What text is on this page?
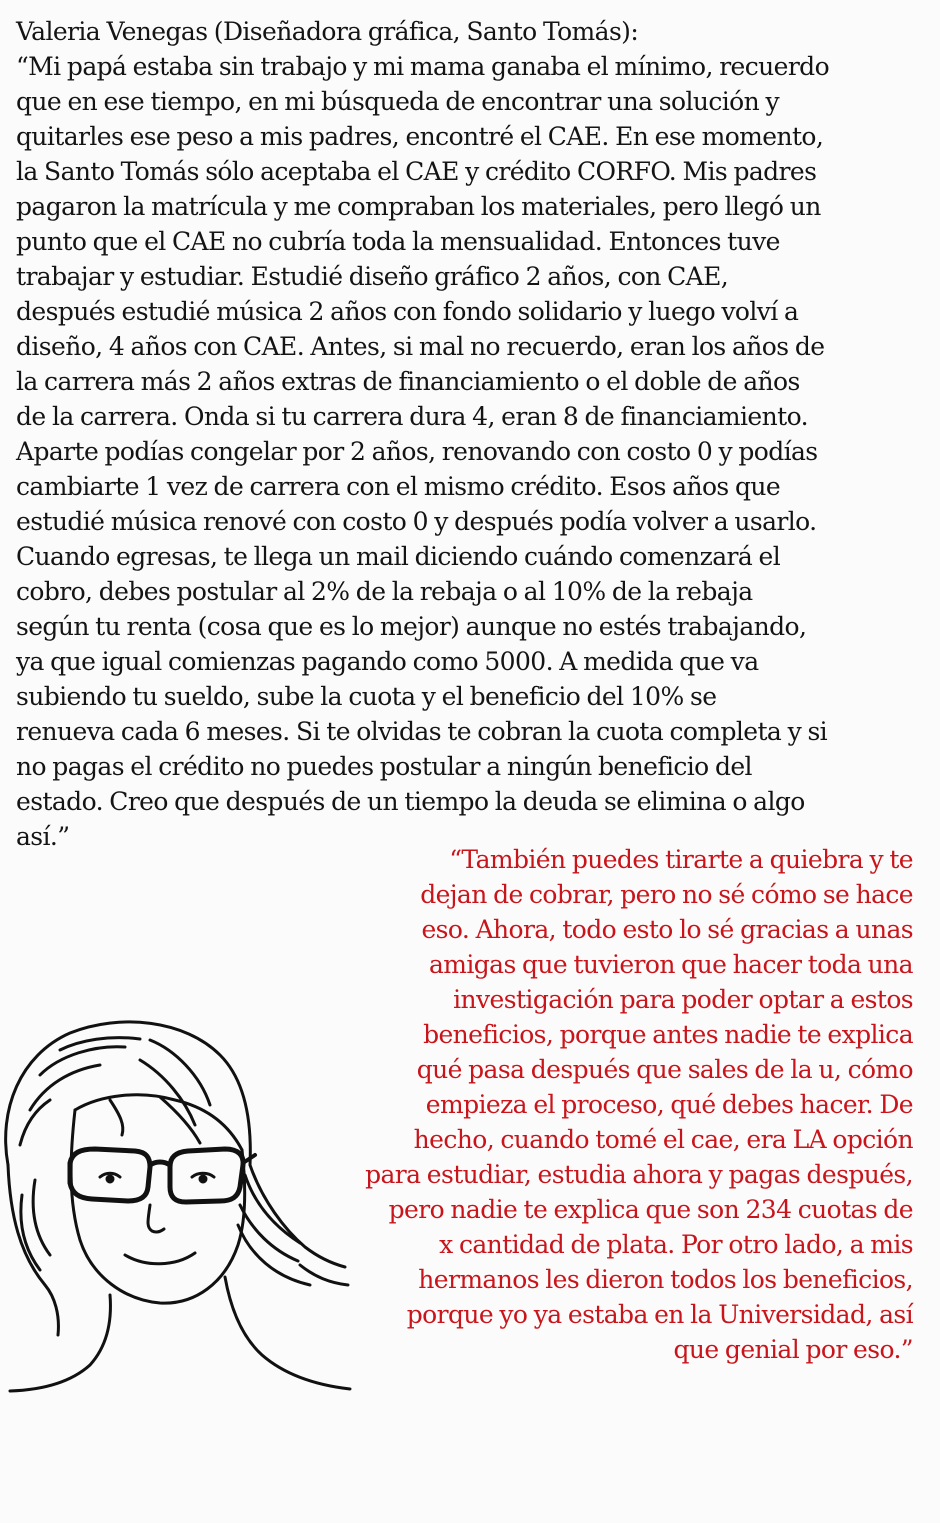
Valeria Venegas (Diseñadora gráfica, Santo Tomás):
“Mi papá estaba sin trabajo y mi mama ganaba el mínimo, recuerdo
que en ese tiempo, en mi búsqueda de encontrar una solución y
quitarles ese peso a mis padres, encontré el CAE. En ese momento,
la Santo Tomás sólo aceptaba el CAE y crédito CORFO. Mis padres
pagaron la matrícula y me compraban los materiales, pero llegó un
punto que el CAE no cubría toda la mensualidad. Entonces tuve
trabajar y estudiar. Estudié diseño gráfico 2 años, con CAE,
después estudié música 2 años con fondo solidario y luego volví a
diseño, 4 años con CAE. Antes, si mal no recuerdo, eran los años de
la carrera más 2 años extras de financiamiento o el doble de años
de la carrera. Onda si tu carrera dura 4, eran 8 de financiamiento.
Aparte podías congelar por 2 años, renovando con costo 0 y podías
cambiarte 1 vez de carrera con el mismo crédito. Esos años que
estudié música renové con costo 0 y después podía volver a usarlo.
Cuando egresas, te llega un mail diciendo cuándo comenzará el
cobro, debes postular al 2% de la rebaja o al 10% de la rebaja
según tu renta (cosa que es lo mejor) aunque no estés trabajando,
ya que igual comienzas pagando como 5000. A medida que va
subiendo tu sueldo, sube la cuota y el beneficio del 10% se
renueva cada 6 meses. Si te olvidas te cobran la cuota completa y si
no pagas el crédito no puedes postular a ningún beneficio del
estado. Creo que después de un tiempo la deuda se elimina o algo
así.”
“También puedes tirarte a quiebra y te
dejan de cobrar, pero no sé cómo se hace
eso. Ahora, todo esto lo sé gracias a unas
amigas que tuvieron que hacer toda una
investigación para poder optar a estos
beneficios, porque antes nadie te explica
qué pasa después que sales de la u, cómo
empieza el proceso, qué debes hacer. De
hecho, cuando tomé el cae, era LA opción
para estudiar, estudia ahora y pagas después,
pero nadie te explica que son 234 cuotas de
x cantidad de plata. Por otro lado, a mis
hermanos les dieron todos los beneficios,
porque yo ya estaba en la Universidad, así
que genial por eso.”
